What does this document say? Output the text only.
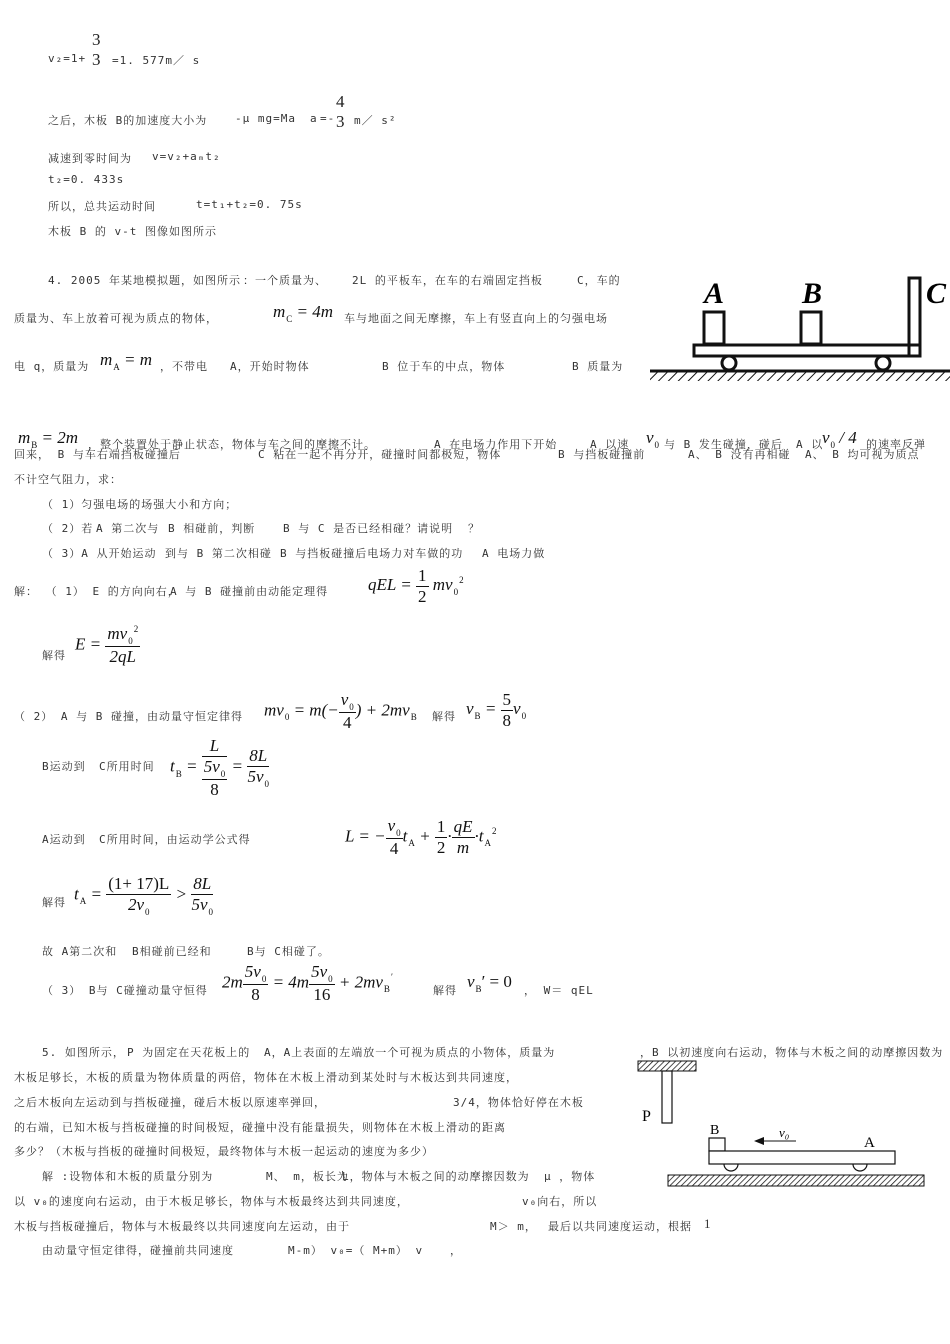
v₂=1+
3
3 =1. 577m／ s
之后，木板 B的加速度大小为	-μ mg=Ma a =-
4
3 m／ s²
减速到零时间为 v=v₂+aₘt₂
t₂=0. 433s
所以，总共运动时间	t=t₁+t₂=0. 75s
木板 B 的 v-t 图像如图所示
4. 2005 年某地模拟题，如图所示 ：一个质量为、 2L 的平板车，在车的右端固定挡板	C，车的
质量为、车上放着可视为质点的物体，	$m_C = 4m$ 车与地面之间无摩擦，车上有竖直向上的匀强电场
电 q，质量为 $m_A = m$ ，不带电 A，开始时物体	B 位于车的中点，物体	B 质量为
$m_B = 2m$ ，整个装置处于静止状态，物体与车之间的摩擦不计。	A 在电场力作用下开始	A 以速 $v_0$ 与 B 发生碰撞，碰后 A 以
$v_0 / 4$ 的速率反弹
回来， B 与车右端挡板碰撞后	C 粘在一起不再分开，碰撞时间都极短，物体	B 与挡板碰撞前	A、 B 没有再相碰 A、 B 均可视为质点
不计空气阻力，求：
（ 1）匀强电场的场强大小和方向；
（ 2）若 A 第二次与 B 相碰前，判断	B 与 C 是否已经相碰？请说明 ？
（ 3）A 从开始运动 到与 B 第二次相碰 B 与挡板碰撞后电场力对车做的功 A 电场力做
解： （ 1） E 的方向向右，
A 与 B 碰撞前由动能定理得 qEL = $\frac{1}{2} mv_0^2$
解得
$E = \frac{mv_0^2}{2qL}$
（ 2） A 与 B 碰撞，由动量守恒定律得 $mv_0 = m(- \frac{v_0}{4}$ ) + $2mv_B$ 解得 $v_B = \frac{5}{8} v_0$
B运动到 C所用时间 $t_B = \frac{L}{\frac{5v_0}{8}} = \frac{8L}{5v_0}$
A运动到 C所用时间，由运动学公式得	L = − $\frac{v_0}{4} t_A + \frac{1}{2} \cdot \frac{qE}{m} \cdot t_A^2$
解得 $t_A = \frac{(1+ 17)L}{2v_0} > \frac{8L}{5v_0}$
故 A第二次和 B相碰前已经和	B与 C相碰了。
（ 3） B与 C碰撞动量守恒得 $2m \frac{5v_0}{8} = 4m \frac{5v_0}{16} + 2mv_B'$
解得 $v_B' = 0$ ， W＝ qEL
5. 如图所示， P 为固定在天花板上的 A，A上表面的左端放一个可视为质点的小物体，质量为	，B 以初速度向右运动，物体与木板之间的动摩擦因数为
木板足够长，木板的质量为物体质量的两倍，物体在木板上滑动到某处时与木板达到共同速度，
之后木板向左运动到与挡板碰撞，碰后木板以原速率弹回，	3/4，物体恰好停在木板
的右端，已知木板与挡板碰撞的时间极短，碰撞中没有能量损失，则物体在木板上滑动的距离
多少？（木板与挡板的碰撞时间极短，最终物体与木板一起运动的速度为多少）
解 :设物体和木板的质量分别为	M、 m，板长为
L，物体与木板之间的动摩擦因数为 μ ，物体
以 v₀的速度向右运动，由于木板足够长，物体与木板最终达到共同速度，	v₀向右，所以
木板与挡板碰撞后，物体与木板最终以共同速度向左运动，由于	M＞ m， 最后以共同速度运动，根据 1
由动量守恒定律得，碰撞前共同速度	M-m） v₀=（ M+m） v ，
A	B	C
P
B	v₀
A
